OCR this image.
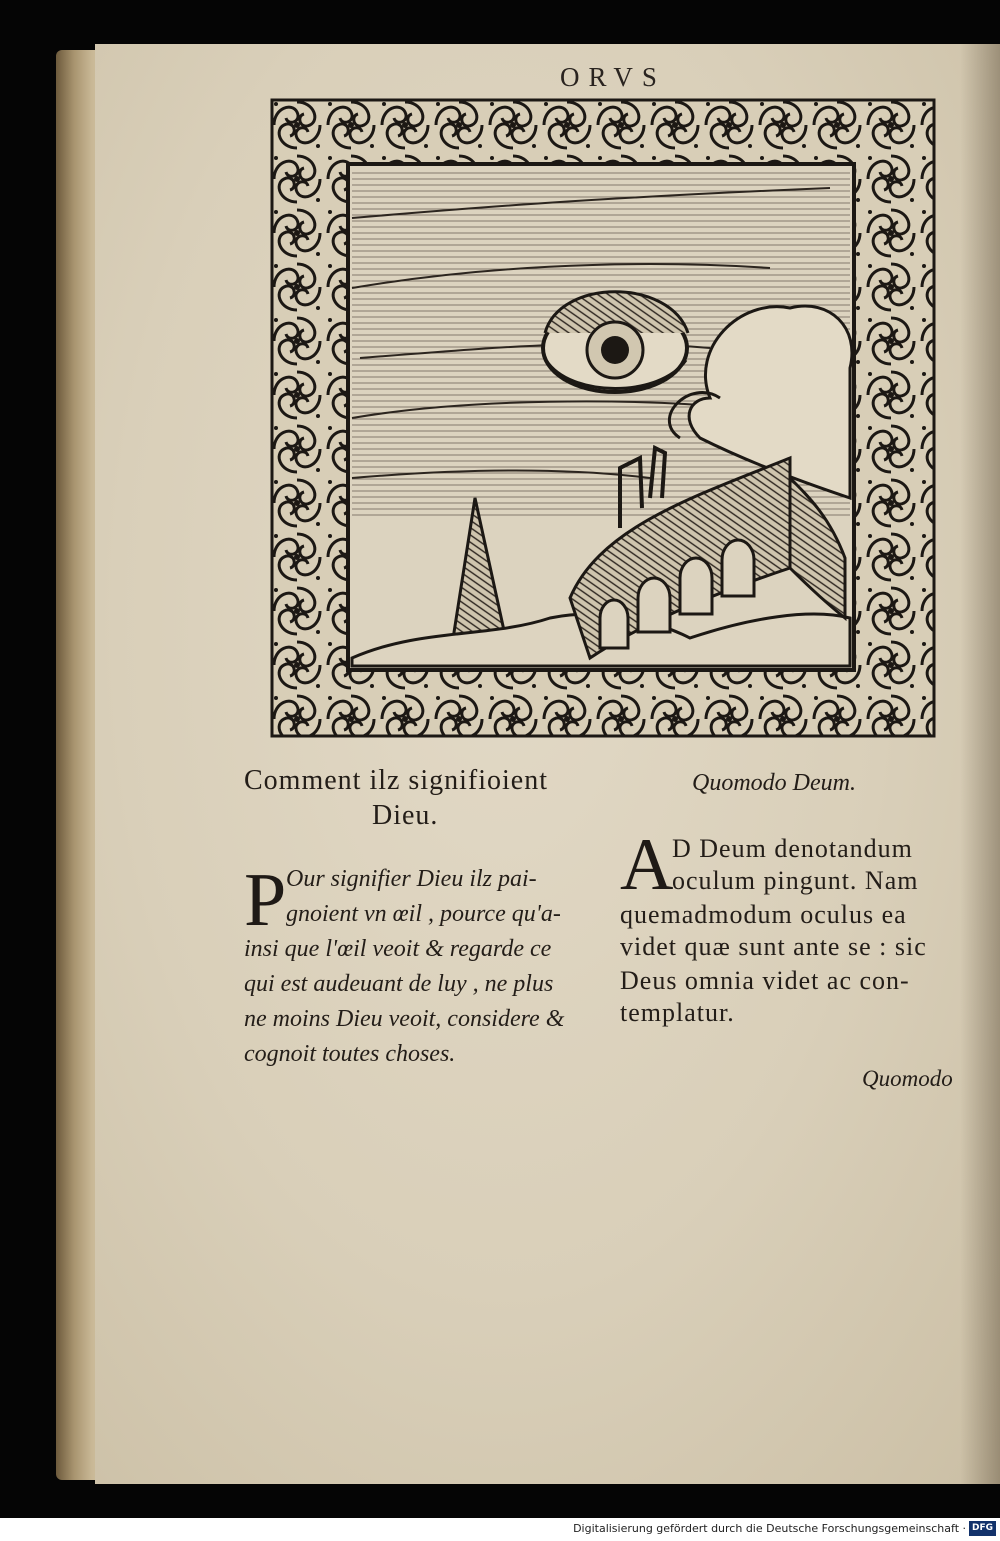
ORVS
Comment ilz signifioient
Dieu.
Quomodo Deum.
P Our signifier Dieu ilz pai-
gnoient vn œil , pource qu'a-
insi que l'œil veoit & regarde ce
qui est audeuant de luy , ne plus
ne moins Dieu veoit, considere &
cognoit toutes choses.
A
D Deum denotandum
oculum pingunt. Nam
quemadmodum oculus ea
videt quæ sunt ante se : sic
Deus omnia videt ac con-
templatur.
Quomodo
Digitalisierung gefördert durch die Deutsche Forschungsgemeinschaft · DFG
